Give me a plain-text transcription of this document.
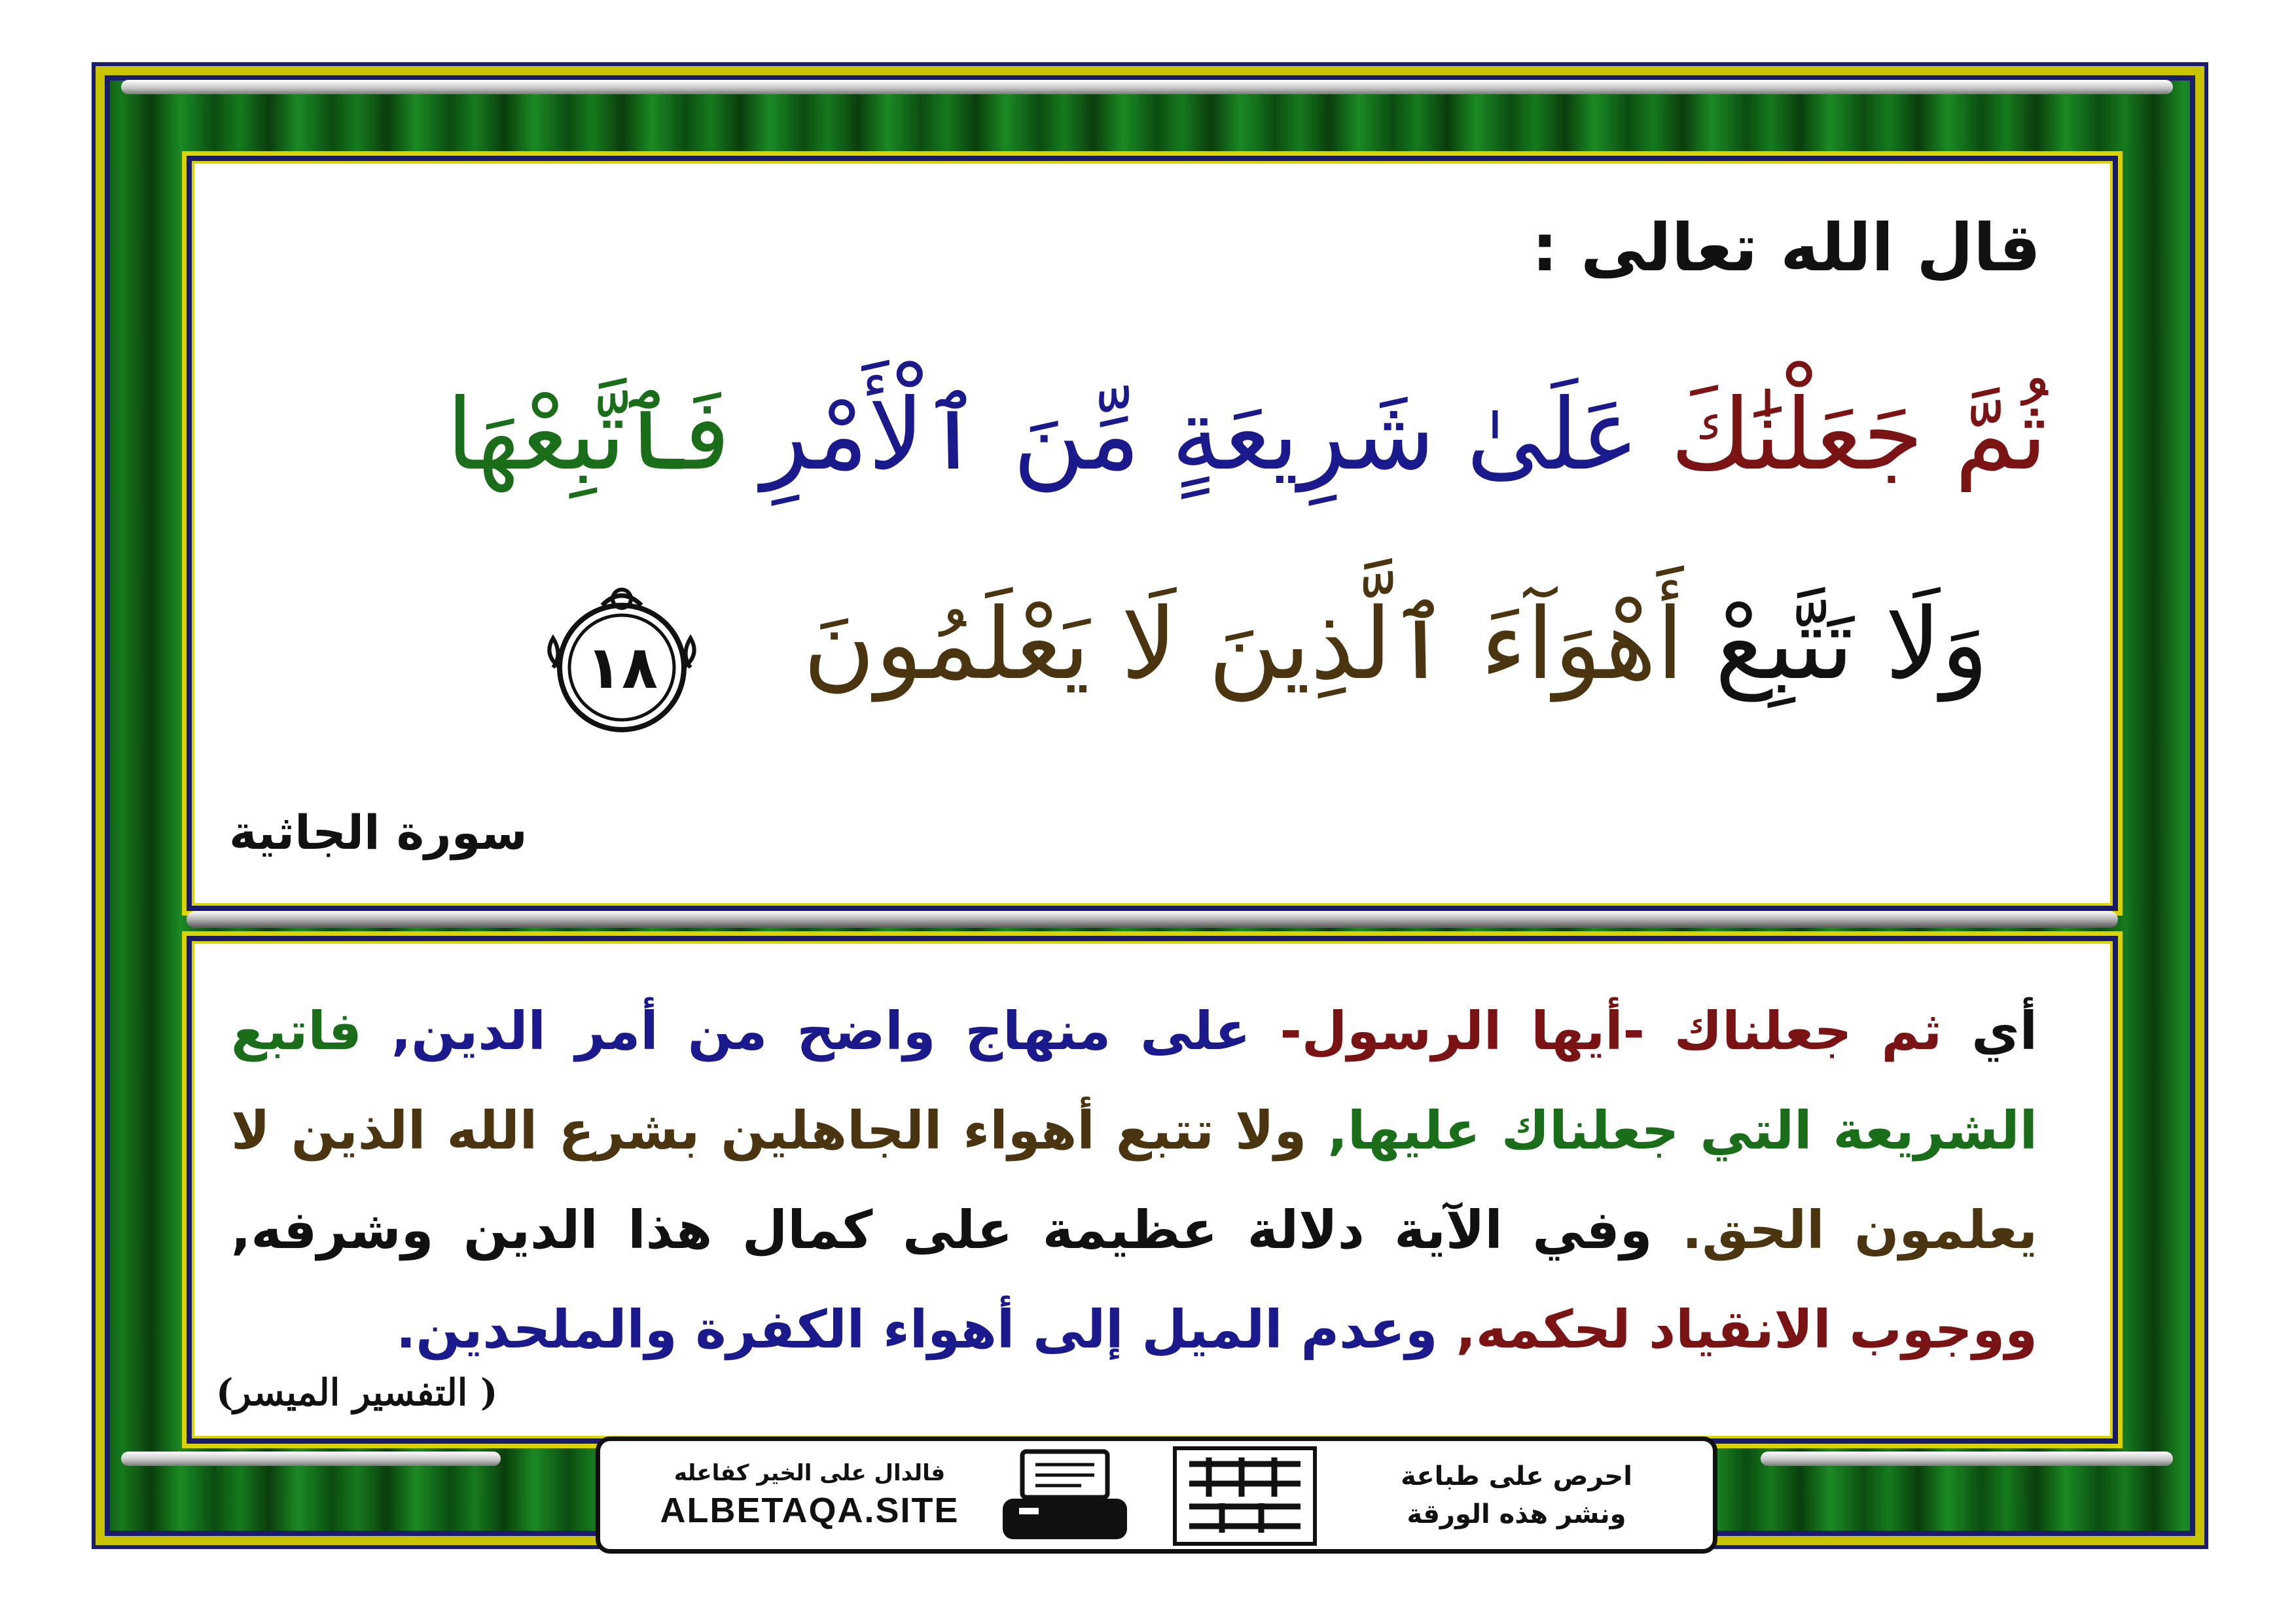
قال الله تعالى :
ثُمَّ جَعَلْنَٰكَ عَلَىٰ شَرِيعَةٍ مِّنَ ٱلْأَمْرِ فَٱتَّبِعْهَا
وَلَا تَتَّبِعْ أَهْوَآءَ ٱلَّذِينَ لَا يَعْلَمُونَ
١٨
سورة الجاثية
أي ثم جعلناك -أيها الرسول- على منهاج واضح من أمر الدين, فاتبع الشريعة التي جعلناك عليها, ولا تتبع أهواء الجاهلين بشرع الله الذين لا يعلمون الحق. وفي الآية دلالة عظيمة على كمال هذا الدين وشرفه, ووجوب الانقياد لحكمه, وعدم الميل إلى أهواء الكفرة والملحدين.
( التفسير الميسر)
فالدال على الخير كفاعله
ALBETAQA.SITE
احرص على طباعة
ونشر هذه الورقة
